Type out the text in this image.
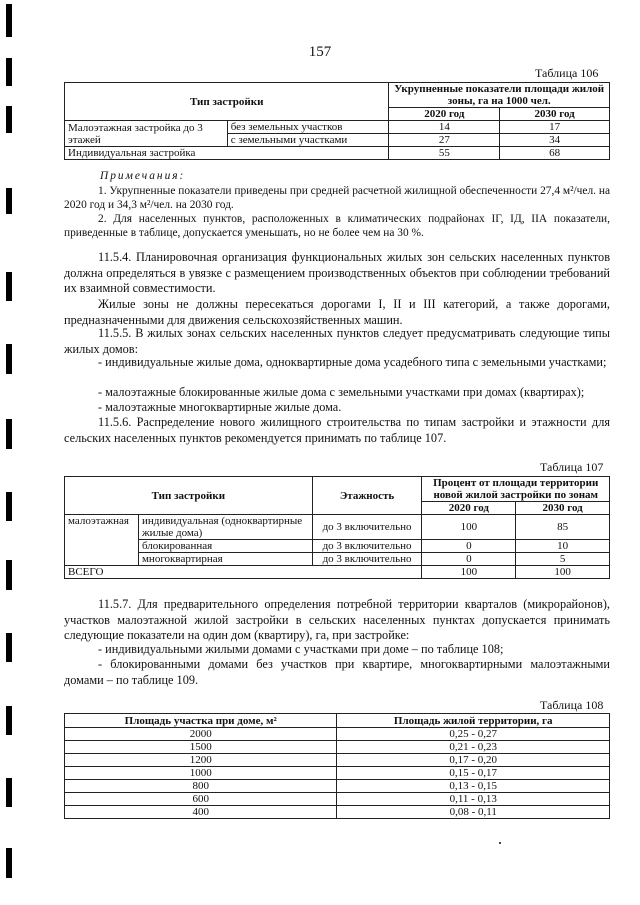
157
Таблица 106
Тип застройки		Укрупненные показатели площади жилой зоны, га на 1000 чел.	
		2020 год	2030 год
Малоэтажная застройка до 3 этажей	без земельных участков	14	17
	с земельными участками	27	34
Индивидуальная застройка		55	68
Примечания:
1. Укрупненные показатели приведены при средней расчетной жилищной обеспеченности 27,4 м²/чел. на 2020 год и 34,3 м²/чел. на 2030 год.
2. Для населенных пунктов, расположенных в климатических подрайонах IГ, IД, IIА показатели, приведенные в таблице, допускается уменьшать, но не более чем на 30 %.
11.5.4. Планировочная организация функциональных жилых зон сельских населенных пунктов должна определяться в увязке с размещением производственных объектов при соблюдении требований их взаимной совместимости.
Жилые зоны не должны пересекаться дорогами I, II и III категорий, а также дорогами, предназначенными для движения сельскохозяйственных машин.
11.5.5. В жилых зонах сельских населенных пунктов следует предусматривать следующие типы жилых домов:
- индивидуальные жилые дома, одноквартирные дома усадебного типа с земельными участками;
- малоэтажные блокированные жилые дома с земельными участками при домах (квартирах);
- малоэтажные многоквартирные жилые дома.
11.5.6. Распределение нового жилищного строительства по типам застройки и этажности для сельских населенных пунктов рекомендуется принимать по таблице 107.
Таблица 107
Тип застройки		Этажность	Процент от площади территории новой жилой застройки по зонам	
			2020 год	2030 год
малоэтажная	индивидуальная (одноквартирные жилые дома)	до 3 включительно	100	85
	блокированная	до 3 включительно	0	10
	многоквартирная	до 3 включительно	0	5
ВСЕГО			100	100
11.5.7. Для предварительного определения потребной территории кварталов (микрорайонов), участков малоэтажной жилой застройки в сельских населенных пунктах допускается принимать следующие показатели на один дом (квартиру), га, при застройке:
- индивидуальными жилыми домами с участками при доме – по таблице 108;
- блокированными домами без участков при квартире, многоквартирными малоэтажными домами – по таблице 109.
Таблица 108
Площадь участка при доме, м²	Площадь жилой территории, га
2000	0,25 - 0,27
1500	0,21 - 0,23
1200	0,17 - 0,20
1000	0,15 - 0,17
800	0,13 - 0,15
600	0,11 - 0,13
400	0,08 - 0,11
